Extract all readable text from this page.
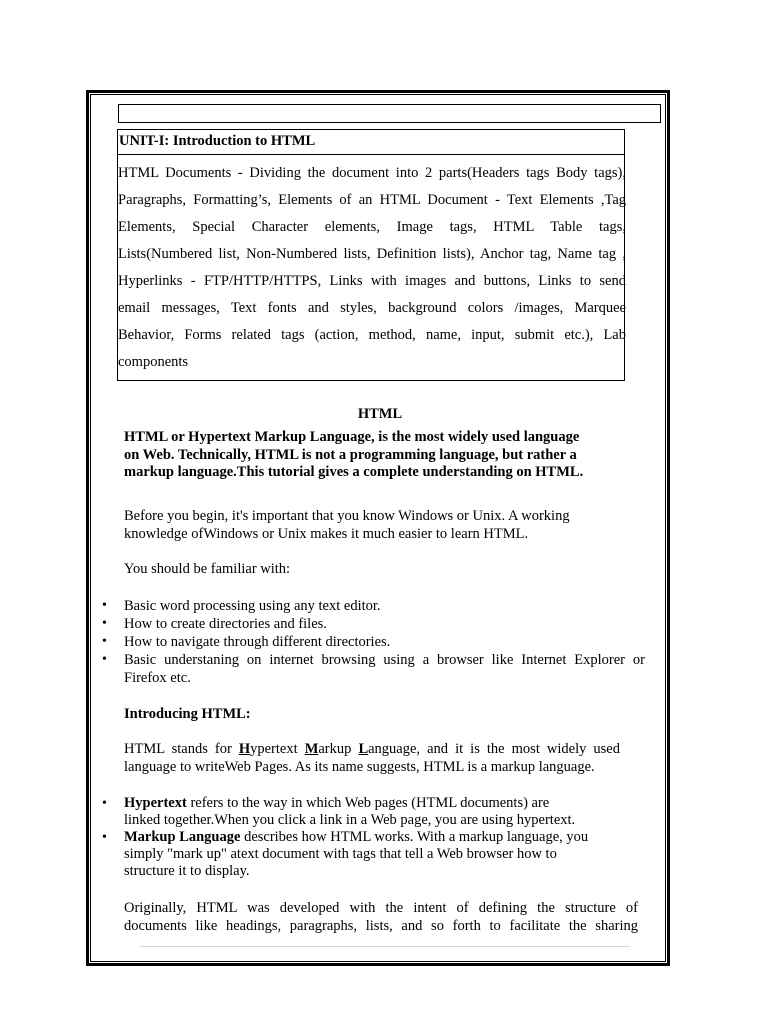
UNIT-I: Introduction to HTML
HTML Documents - Dividing the document into 2 parts(Headers tags Body tags),
Paragraphs, Formatting’s, Elements of an HTML Document - Text Elements ,Tag
Elements, Special Character elements, Image tags, HTML Table tags,
Lists(Numbered list, Non-Numbered lists, Definition lists), Anchor tag, Name tag ,
Hyperlinks - FTP/HTTP/HTTPS, Links with images and buttons, Links to send
email messages, Text fonts and styles, background colors /images, Marquee
Behavior, Forms related tags (action, method, name, input, submit etc.), Lab
components
HTML
HTML or Hypertext Markup Language, is the most widely used language
on Web. Technically, HTML is not a programming language, but rather a
markup language.This tutorial gives a complete understanding on HTML.
Before you begin, it's important that you know Windows or Unix. A working
knowledge ofWindows or Unix makes it much easier to learn HTML.
You should be familiar with:
• Basic word processing using any text editor.
• How to create directories and files.
• How to navigate through different directories.
• Basic understaning on internet browsing using a browser like Internet Explorer or
Firefox etc.
Introducing HTML:
HTML stands for Hypertext Markup Language, and it is the most widely used
language to writeWeb Pages. As its name suggests, HTML is a markup language.
• Hypertext refers to the way in which Web pages (HTML documents) are
linked together.When you click a link in a Web page, you are using hypertext.
• Markup Language describes how HTML works. With a markup language, you
simply "mark up" atext document with tags that tell a Web browser how to
structure it to display.
Originally, HTML was developed with the intent of defining the structure of
documents like headings, paragraphs, lists, and so forth to facilitate the sharing
